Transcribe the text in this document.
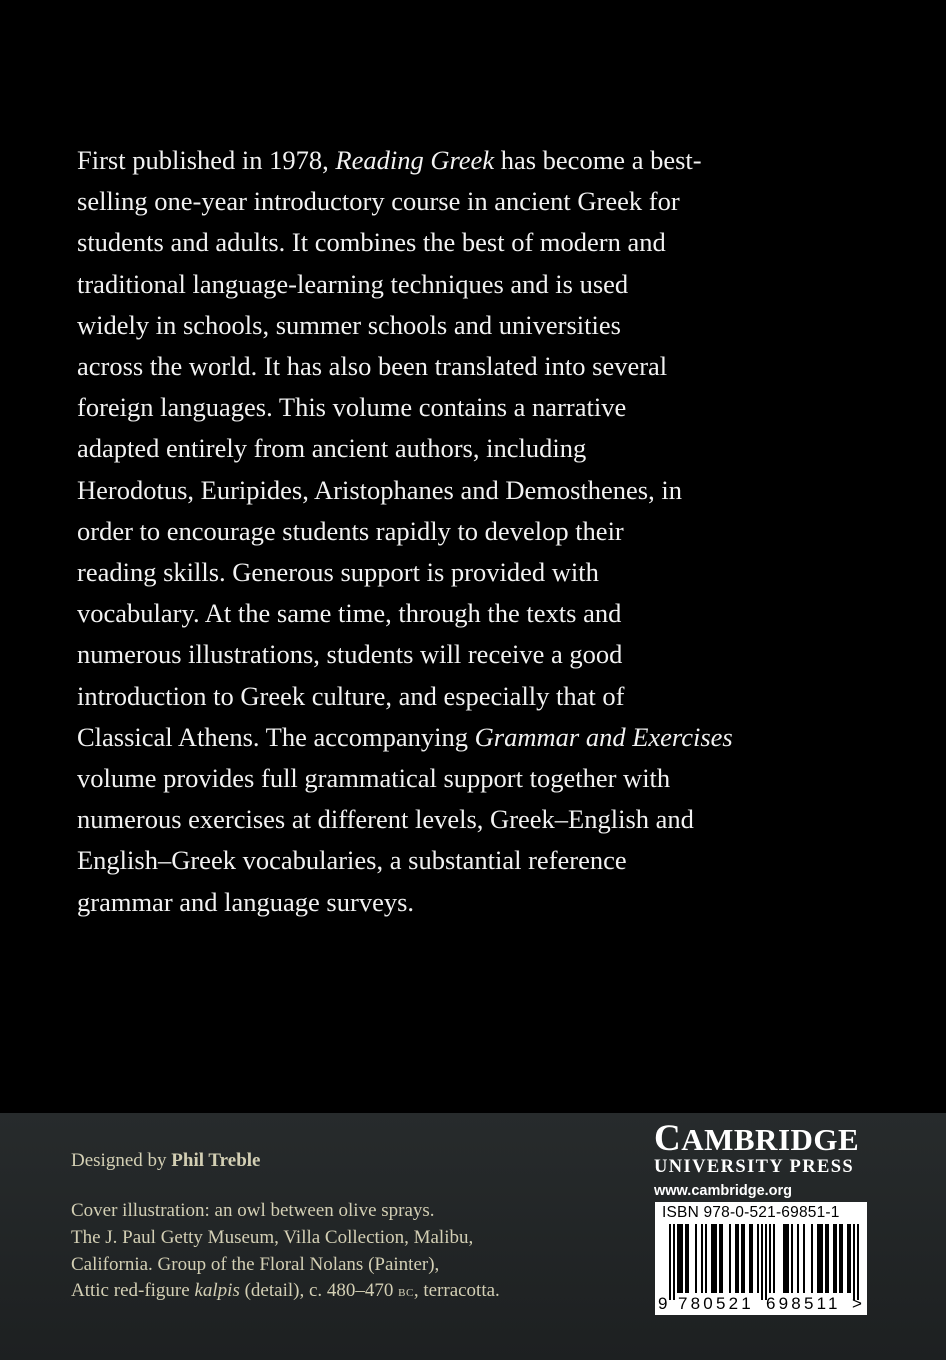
First published in 1978, Reading Greek has become a best-
selling one-year introductory course in ancient Greek for
students and adults. It combines the best of modern and
traditional language-learning techniques and is used
widely in schools, summer schools and universities
across the world. It has also been translated into several
foreign languages. This volume contains a narrative
adapted entirely from ancient authors, including
Herodotus, Euripides, Aristophanes and Demosthenes, in
order to encourage students rapidly to develop their
reading skills. Generous support is provided with
vocabulary. At the same time, through the texts and
numerous illustrations, students will receive a good
introduction to Greek culture, and especially that of
Classical Athens. The accompanying Grammar and Exercises
volume provides full grammatical support together with
numerous exercises at different levels, Greek–English and
English–Greek vocabularies, a substantial reference
grammar and language surveys.
Designed by Phil Treble
Cover illustration: an owl between olive sprays.
The J. Paul Getty Museum, Villa Collection, Malibu,
California. Group of the Floral Nolans (Painter),
Attic red-figure kalpis (detail), c. 480–470 bc, terracotta.
CAMBRIDGE
UNIVERSITY PRESS
www.cambridge.org
ISBN 978-0-521-69851-1
9 780521 698511 >
